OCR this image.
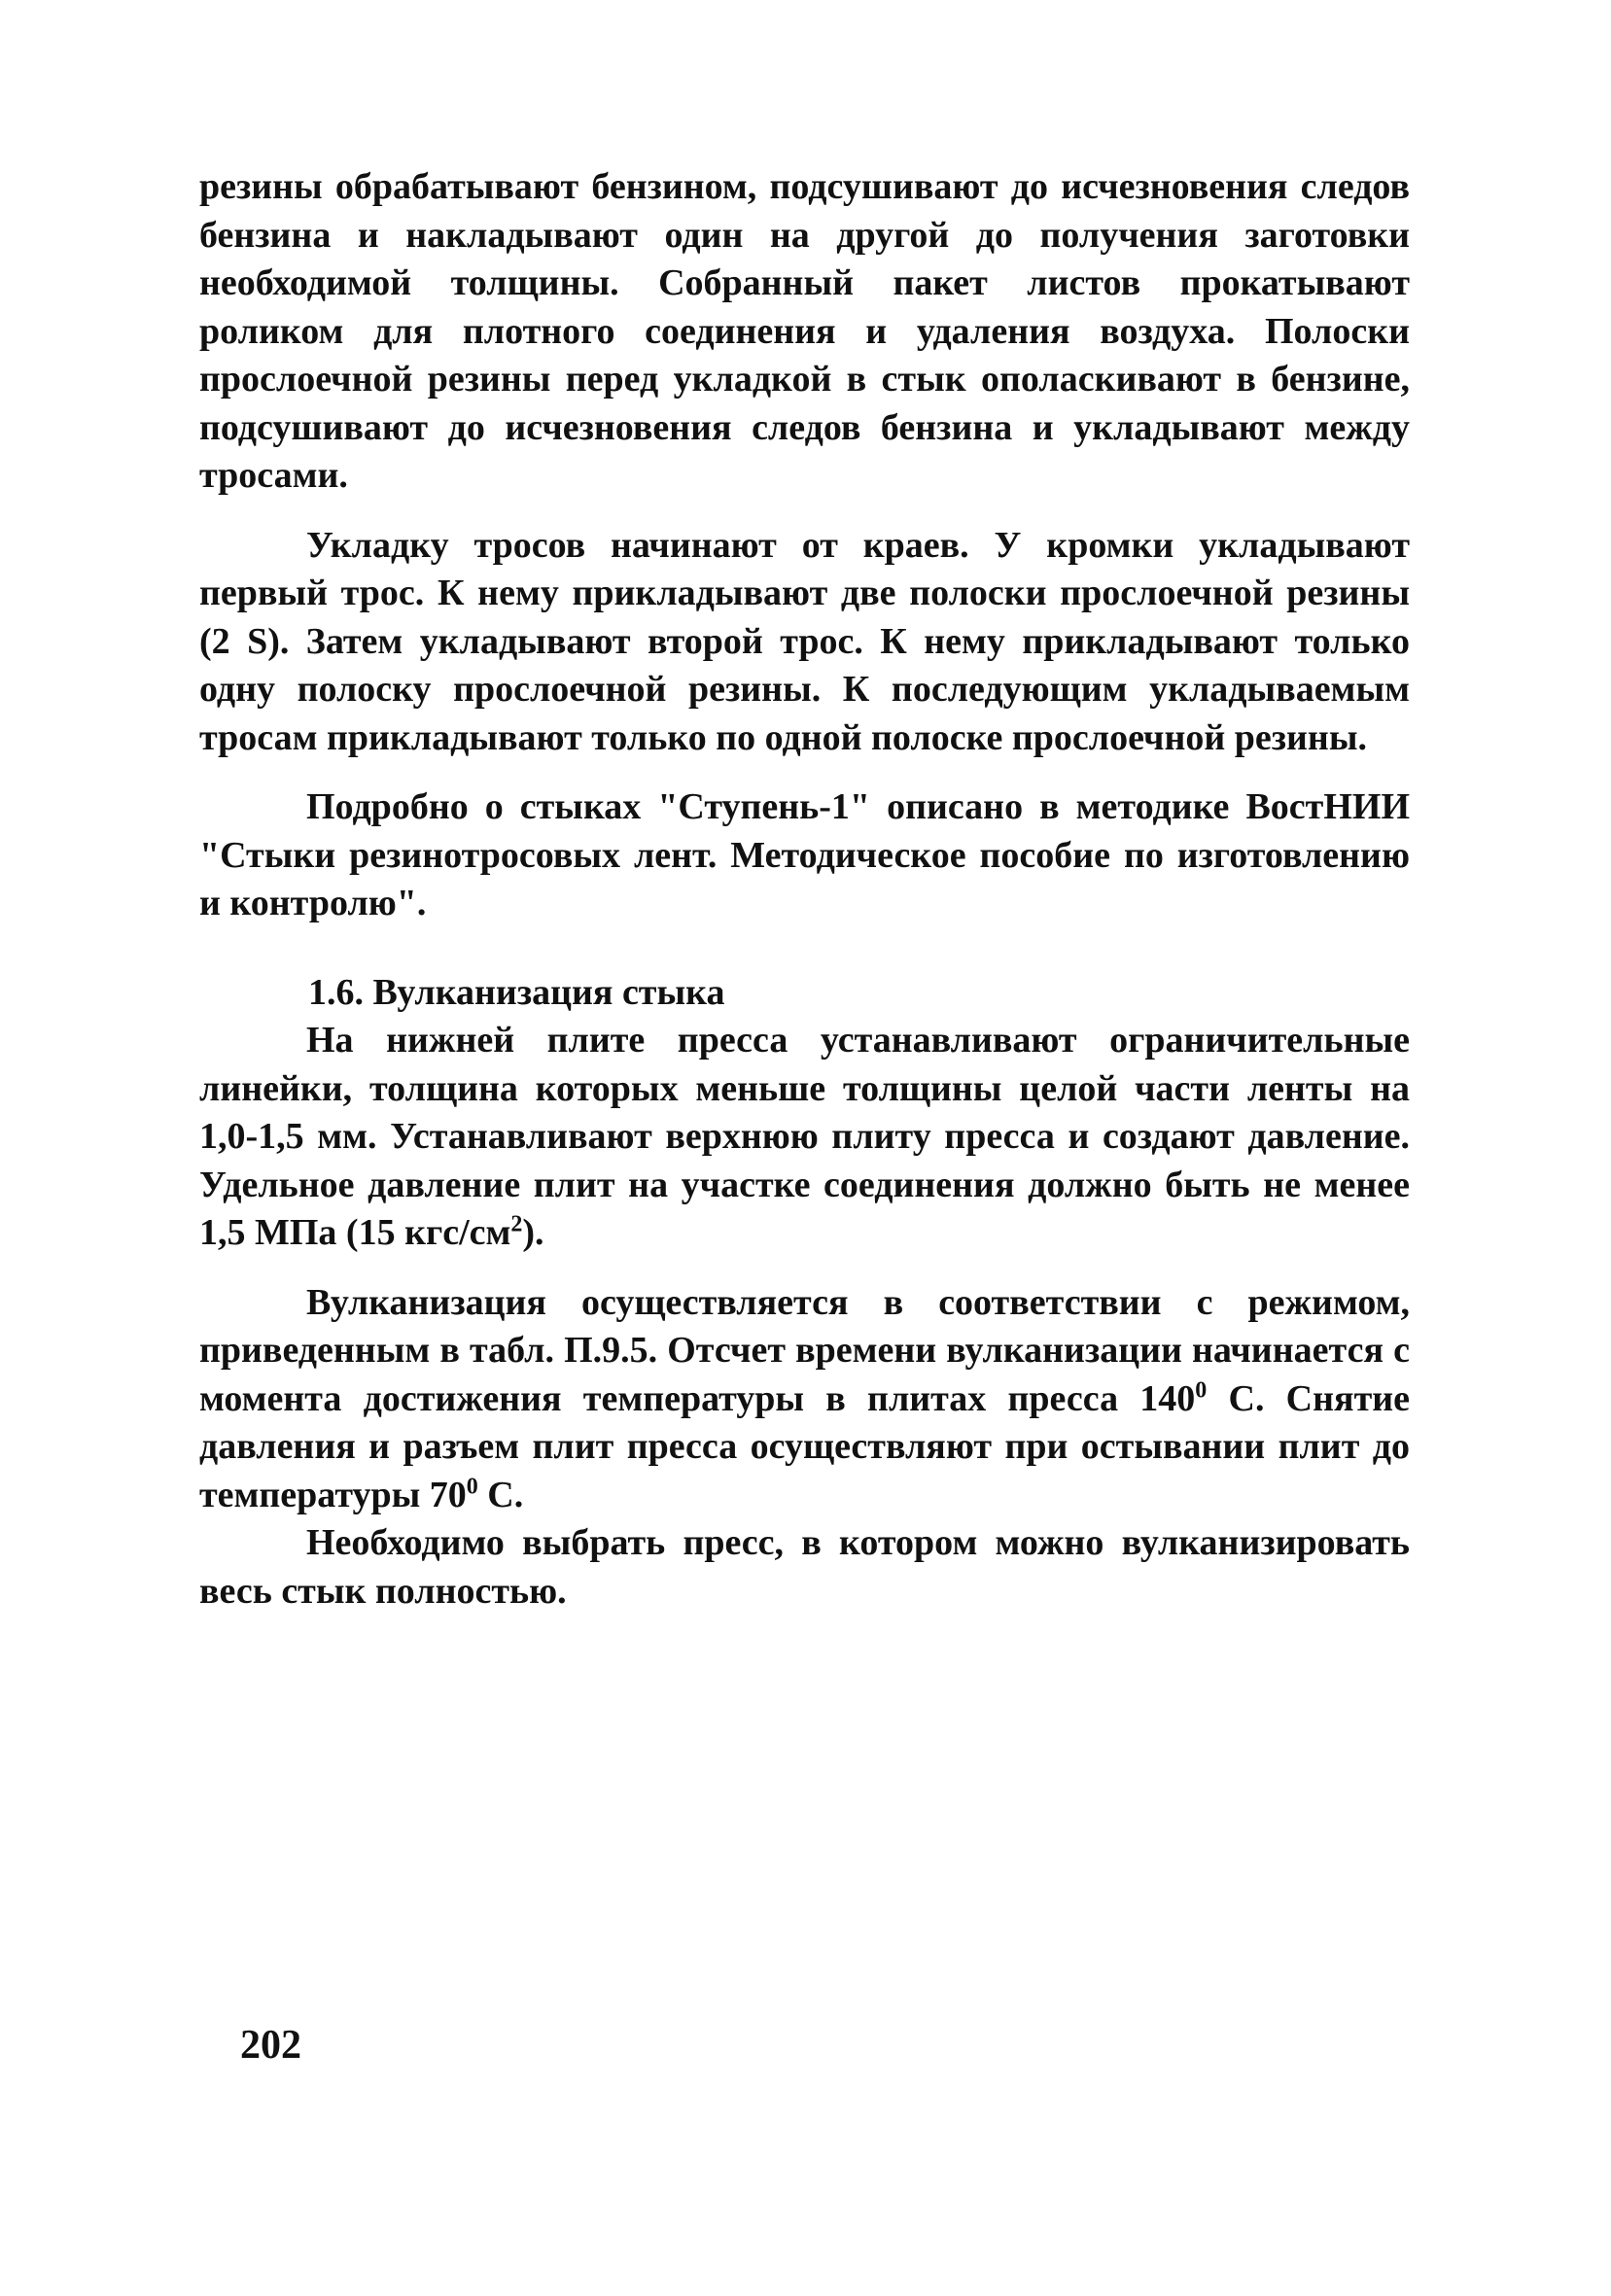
резины обрабатывают бензином, подсушивают до исчезновения следов бензина и накладывают один на другой до получения заготовки необходимой толщины. Собранный пакет листов прокатывают роликом для плотного соединения и удаления воздуха. Полоски прослоечной резины перед укладкой в стык ополаскивают в бензине, подсушивают до исчезновения следов бензина и укладывают между тросами.

Укладку тросов начинают от краев. У кромки укладывают первый трос. К нему прикладывают две полоски прослоечной резины (2 S). Затем укладывают второй трос. К нему прикладывают только одну полоску прослоечной резины. К последующим укладываемым тросам прикладывают только по одной полоске прослоечной резины.

Подробно о стыках "Ступень-1" описано в методике ВостНИИ "Стыки резинотросовых лент. Методическое пособие по изготовлению и контролю".

1.6. Вулканизация стыка

На нижней плите пресса устанавливают ограничительные линейки, толщина которых меньше толщины целой части ленты на 1,0-1,5 мм. Устанавливают верхнюю плиту пресса и создают давление. Удельное давление плит на участке соединения должно быть не менее 1,5 МПа (15 кгс/$см^2$).

Вулканизация осуществляется в соответствии с режимом, приведенным в табл. П.9.5. Отсчет времени вулканизации начинается с момента достижения температуры в плитах пресса $140^0$ С. Снятие давления и разъем плит пресса осуществляют при остывании плит до температуры $70^0$ С.

Необходимо выбрать пресс, в котором можно вулканизировать весь стык полностью.

202
